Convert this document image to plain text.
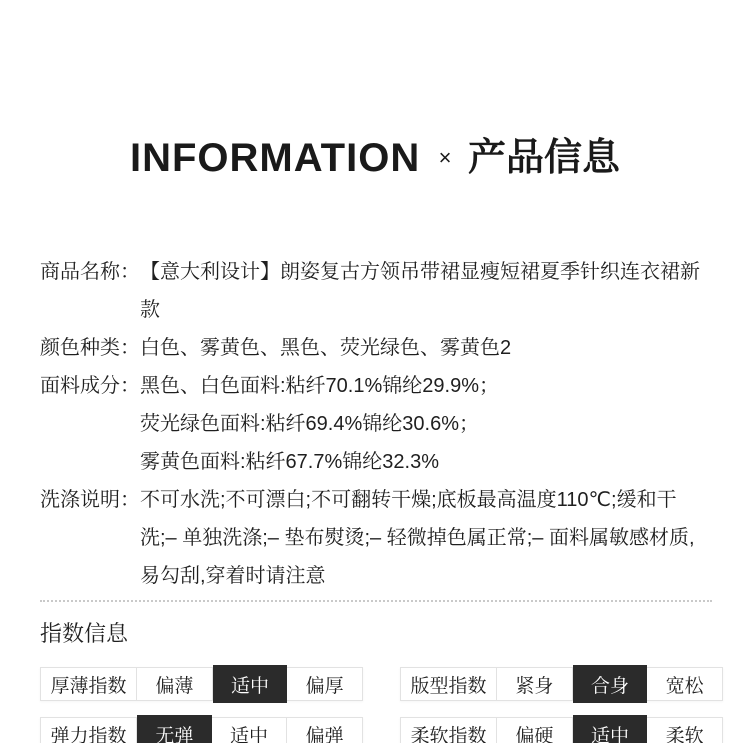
INFORMATION × 产品信息
商品名称： 【意大利设计】朗姿复古方领吊带裙显瘦短裙夏季针织连衣裙新款
颜色种类： 白色、雾黄色、黑色、荧光绿色、雾黄色2
面料成分： 黑色、白色面料:粘纤70.1%锦纶29.9%；
荧光绿色面料:粘纤69.4%锦纶30.6%；
雾黄色面料:粘纤67.7%锦纶32.3%
洗涤说明： 不可水洗;不可漂白;不可翻转干燥;底板最高温度110℃;缓和干洗;– 单独洗涤;– 垫布熨烫;– 轻微掉色属正常;– 面料属敏感材质,易勾刮,穿着时请注意
指数信息
厚薄指数	偏薄	适中	偏厚	版型指数	紧身	合身	宽松
弹力指数	无弹	适中	偏弹	柔软指数	偏硬	适中	柔软
